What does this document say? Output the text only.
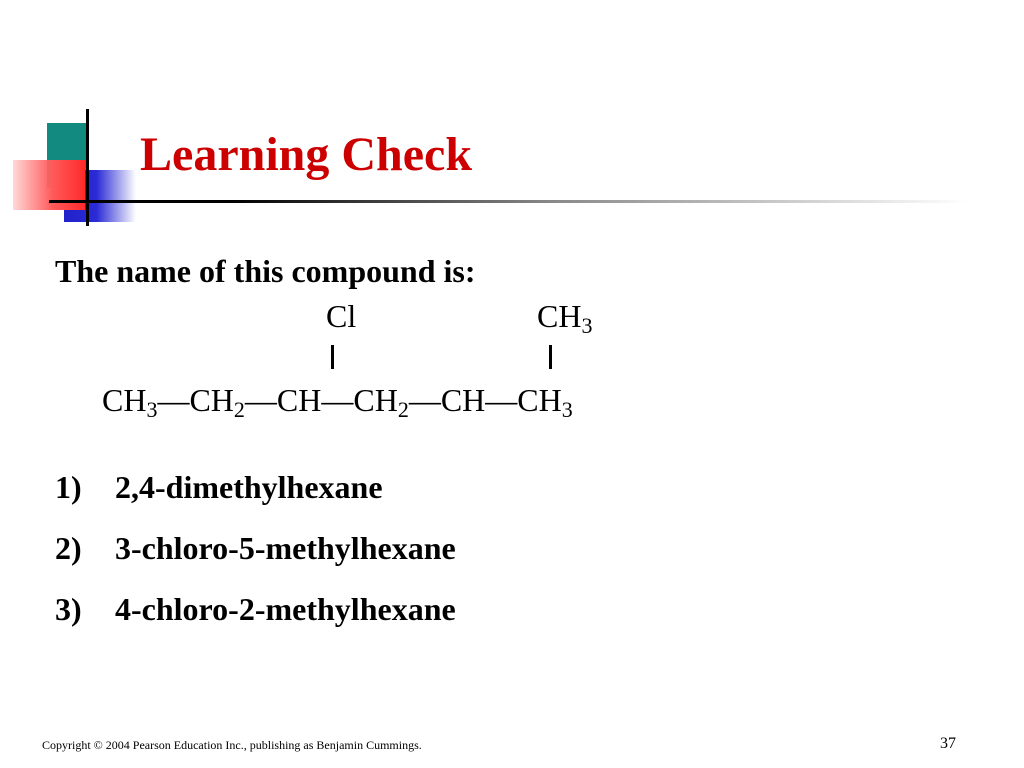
Learning Check
The name of this compound is:
Cl	$CH_3$
$CH_3—CH_2—CH—CH_2—CH—CH_3$
1) 2,4-dimethylhexane
2) 3-chloro-5-methylhexane
3) 4-chloro-2-methylhexane
Copyright © 2004 Pearson Education Inc., publishing as Benjamin Cummings.	37
